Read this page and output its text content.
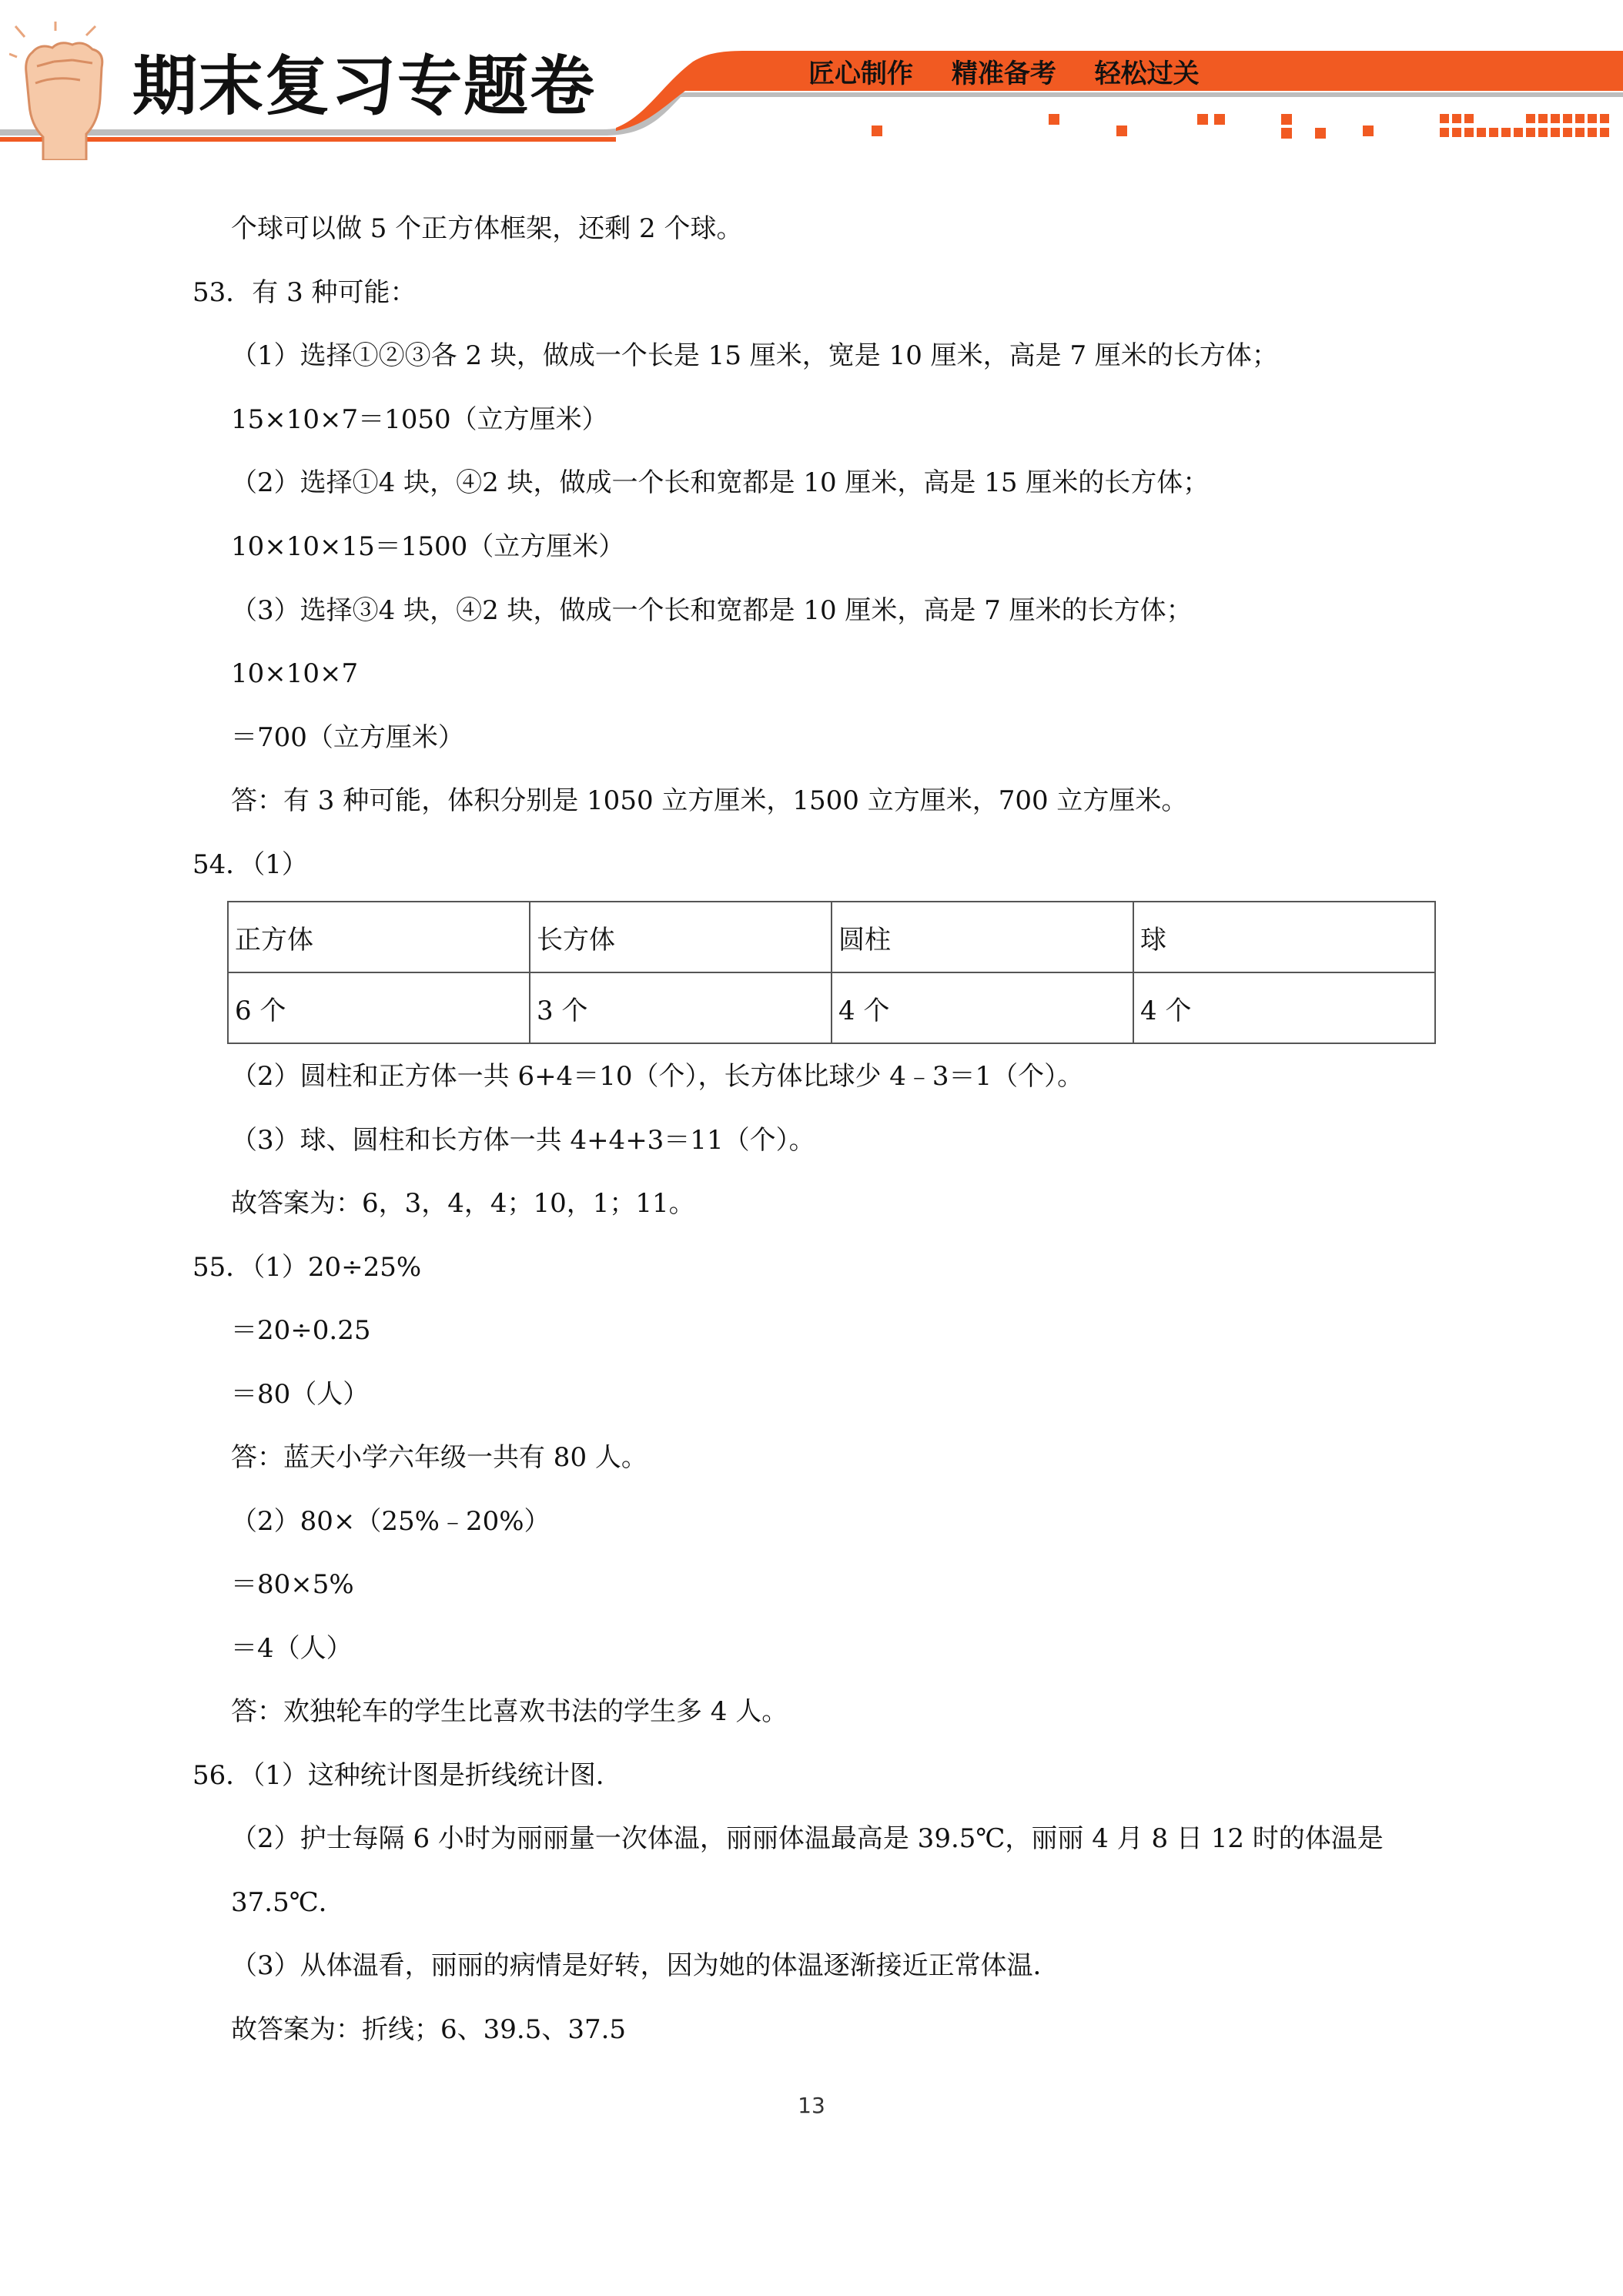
期末复习专题卷	匠心制作 精准备考 轻松过关
个球可以做 5 个正方体框架，还剩 2 个球。
53．有 3 种可能：
（1）选择①②③各 2 块，做成一个长是 15 厘米，宽是 10 厘米，高是 7 厘米的长方体；
15×10×7＝1050（立方厘米）
（2）选择①4 块，④2 块，做成一个长和宽都是 10 厘米，高是 15 厘米的长方体；
10×10×15＝1500（立方厘米）
（3）选择③4 块，④2 块，做成一个长和宽都是 10 厘米，高是 7 厘米的长方体；
10×10×7
＝700（立方厘米）
答：有 3 种可能，体积分别是 1050 立方厘米，1500 立方厘米，700 立方厘米。
54．（1）
正方体	长方体	圆柱	球
6 个	3 个	4 个	4 个
（2）圆柱和正方体一共 6+4＝10（个），长方体比球少 4﹣3＝1（个）。
（3）球、圆柱和长方体一共 4+4+3＝11（个）。
故答案为：6，3，4，4；10，1；11。
55．（1）20÷25%
＝20÷0.25
＝80（人）
答：蓝天小学六年级一共有 80 人。
（2）80×（25%﹣20%）
＝80×5%
＝4（人）
答：欢独轮车的学生比喜欢书法的学生多 4 人。
56．（1）这种统计图是折线统计图．
（2）护士每隔 6 小时为丽丽量一次体温，丽丽体温最高是 39.5℃，丽丽 4 月 8 日 12 时的体温是
37.5℃．
（3）从体温看，丽丽的病情是好转，因为她的体温逐渐接近正常体温．
故答案为：折线；6、39.5、37.5
13
